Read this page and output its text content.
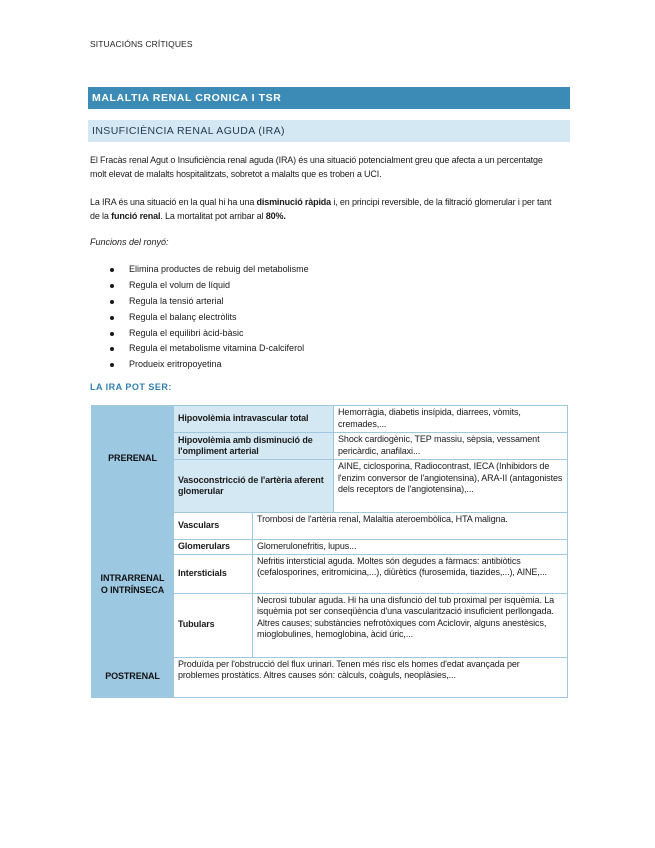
SITUACIÓNS CRÍTIQUES
MALALTIA RENAL CRONICA I TSR
INSUFICIÈNCIA RENAL AGUDA (IRA)
El Fracàs renal Agut o Insuficiència renal aguda (IRA) és una situació potencialment greu que afecta a un percentatge molt elevat de malalts hospitalitzats, sobretot a malalts que es troben a UCI.
La IRA és una situació en la qual hi ha una disminució ràpida i, en principi reversible, de la filtració glomerular i per tant de la funció renal. La mortalitat pot arribar al 80%.
Funcions del ronyó:
Elimina productes de rebuig del metabolisme
Regula el volum de líquid
Regula la tensió arterial
Regula el balanç electròlits
Regula el equilibri àcid-bàsic
Regula el metabolisme vitamina D-calciferol
Produeix eritropoyetina
LA IRA POT SER:
PRERENAL	Hipovolèmia intravascular total		Hemorràgia, diabetis insípida, diarrees, vòmits, cremades,...
	Hipovolèmia amb disminució de l'ompliment arterial		Shock cardiogènic, TEP massiu, sèpsia, vessament pericàrdic, anafilaxi...
	Vasoconstricció de l'artèria aferent glomerular		AINE, ciclosporina, Radiocontrast, IECA (Inhibidors de l'enzim conversor de l'angiotensina), ARA-II (antagonistes dels receptors de l'angiotensina),...
INTRARRENAL O INTRÍNSECA	Vasculars	Trombosi de l'artèria renal, Malaltia ateroembòlica, HTA maligna.	
	Glomerulars	Glomerulonefritis, lupus...	
	Intersticials	Nefritis intersticial aguda. Moltes són degudes a fàrmacs: antibiòtics (cefalosporines, eritromicina,...), diürètics (furosemida, tiazides,...), AINE,...	
	Tubulars	Necrosi tubular aguda. Hi ha una disfunció del tub proximal per isquèmia. La isquèmia pot ser conseqüència d'una vascularització insuficient perllongada. Altres causes; substàncies nefrotòxiques com Aciclovir, alguns anestèsics, mioglobulines, hemoglobina, àcid úric,...	
POSTRENAL	Produïda per l'obstrucció del flux urinari. Tenen més risc els homes d'edat avançada per problemes prostàtics. Altres causes són: càlculs, coàguls, neoplàsies,...		
